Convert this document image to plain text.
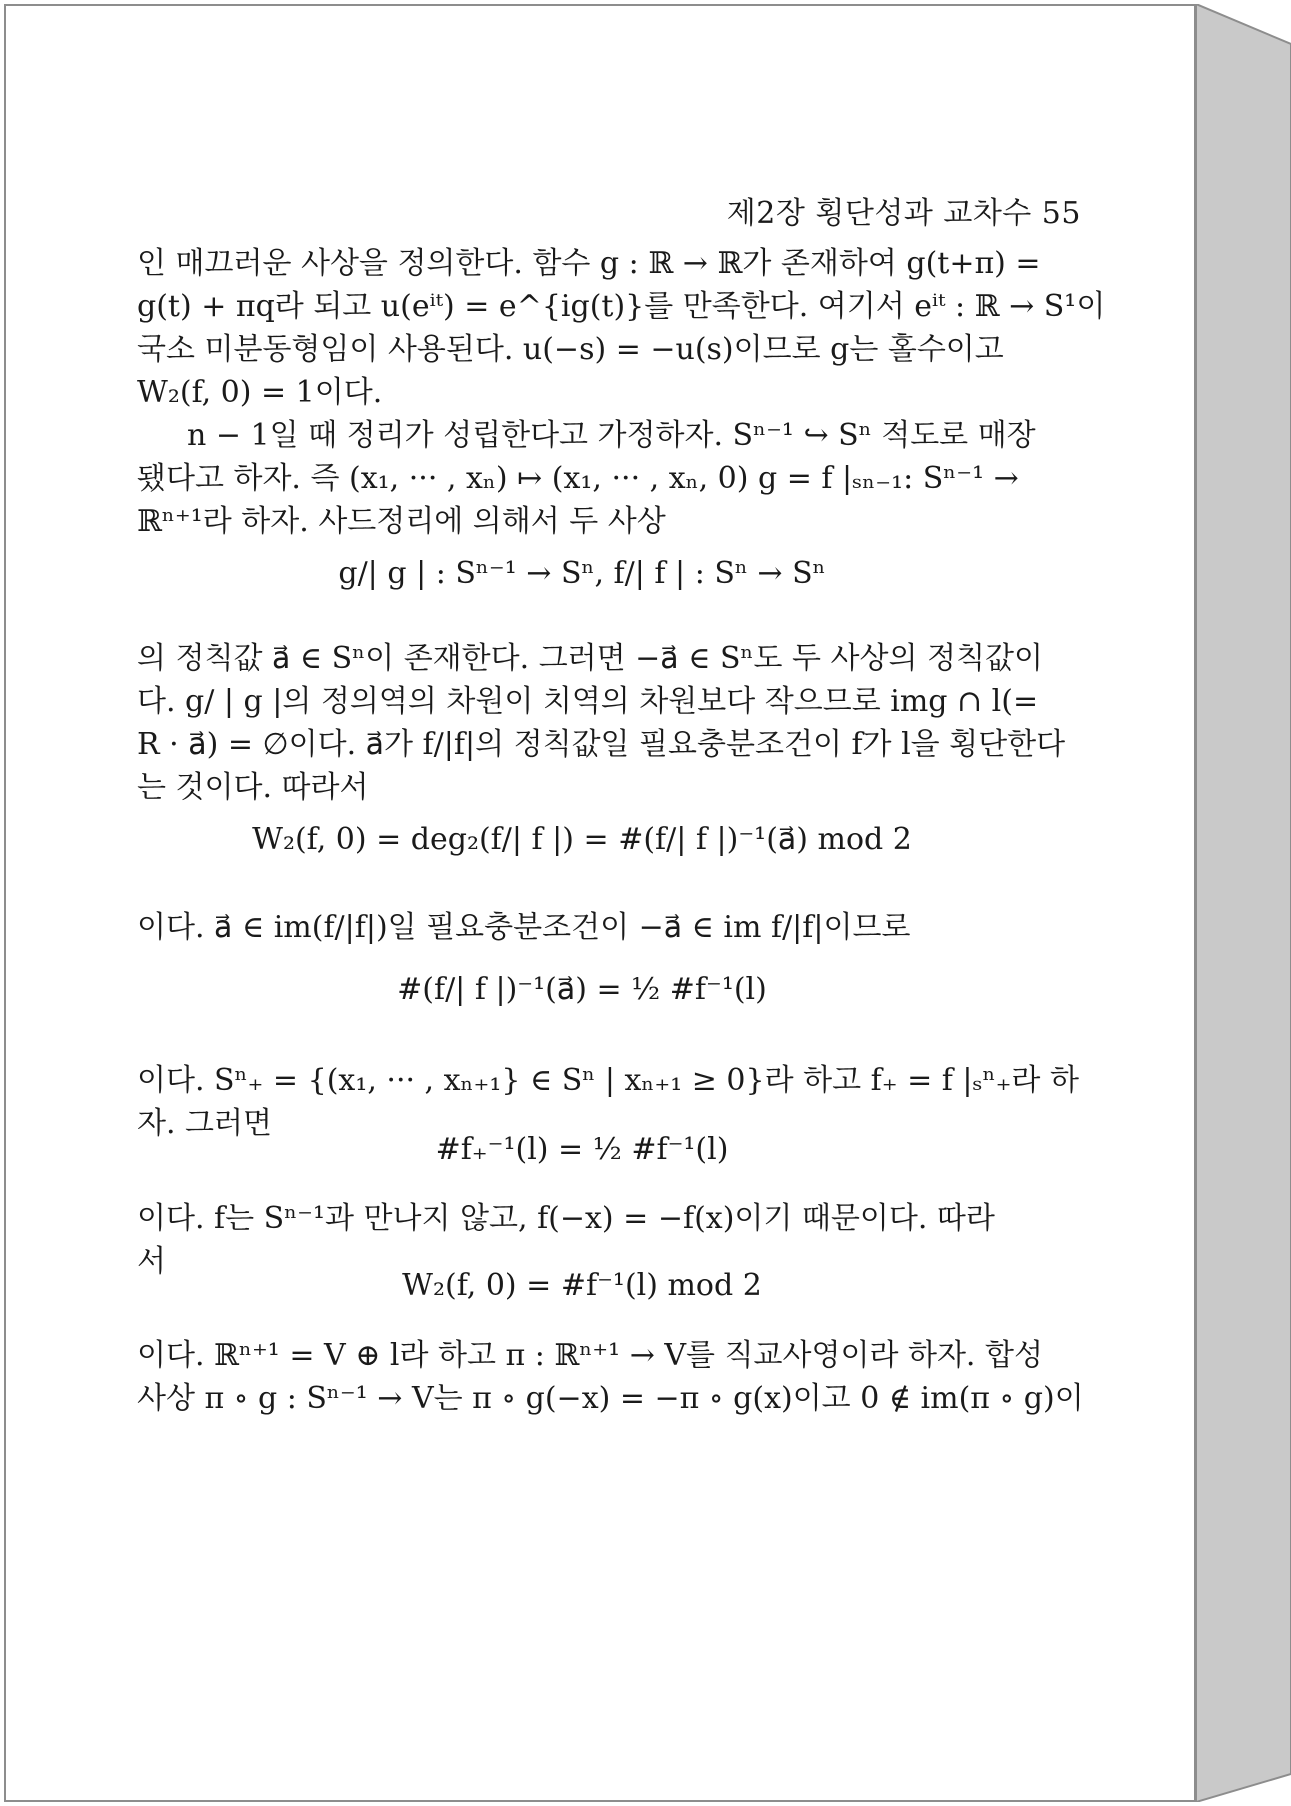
제2장 횡단성과 교차수 55
인 매끄러운 사상을 정의한다. 함수 g : ℝ → ℝ가 존재하여 g(t+π) =
g(t) + πq라 되고 u(eⁱᵗ) = e^{ig(t)}를 만족한다. 여기서 eⁱᵗ : ℝ → S¹이
국소 미분동형임이 사용된다. u(−s) = −u(s)이므로 g는 홀수이고
W₂(f, 0) = 1이다.
n − 1일 때 정리가 성립한다고 가정하자. Sⁿ⁻¹ ↪ Sⁿ 적도로 매장
됐다고 하자. 즉 (x₁, ··· , xₙ) ↦ (x₁, ··· , xₙ, 0) g = f |ₛₙ₋₁: Sⁿ⁻¹ →
ℝⁿ⁺¹라 하자. 사드정리에 의해서 두 사상
g/| g | : Sⁿ⁻¹ → Sⁿ, f/| f | : Sⁿ → Sⁿ
의 정칙값 a⃗ ∈ Sⁿ이 존재한다. 그러면 −a⃗ ∈ Sⁿ도 두 사상의 정칙값이
다. g/ | g |의 정의역의 차원이 치역의 차원보다 작으므로 img ∩ l(=
R · a⃗) = ∅이다. a⃗가 f/|f|의 정칙값일 필요충분조건이 f가 l을 횡단한다
는 것이다. 따라서
W₂(f, 0) = deg₂(f/| f |) = #(f/| f |)⁻¹(a⃗) mod 2
이다. a⃗ ∈ im(f/|f|)일 필요충분조건이 −a⃗ ∈ im f/|f|이므로
#(f/| f |)⁻¹(a⃗) = ½ #f⁻¹(l)
이다. Sⁿ₊ = {(x₁, ··· , xₙ₊₁} ∈ Sⁿ | xₙ₊₁ ≥ 0}라 하고 f₊ = f |ₛⁿ₊라 하
자. 그러면
#f₊⁻¹(l) = ½ #f⁻¹(l)
이다. f는 Sⁿ⁻¹과 만나지 않고, f(−x) = −f(x)이기 때문이다. 따라
서
W₂(f, 0) = #f⁻¹(l) mod 2
이다. ℝⁿ⁺¹ = V ⊕ l라 하고 π : ℝⁿ⁺¹ → V를 직교사영이라 하자. 합성
사상 π ∘ g : Sⁿ⁻¹ → V는 π ∘ g(−x) = −π ∘ g(x)이고 0 ∉ im(π ∘ g)이
